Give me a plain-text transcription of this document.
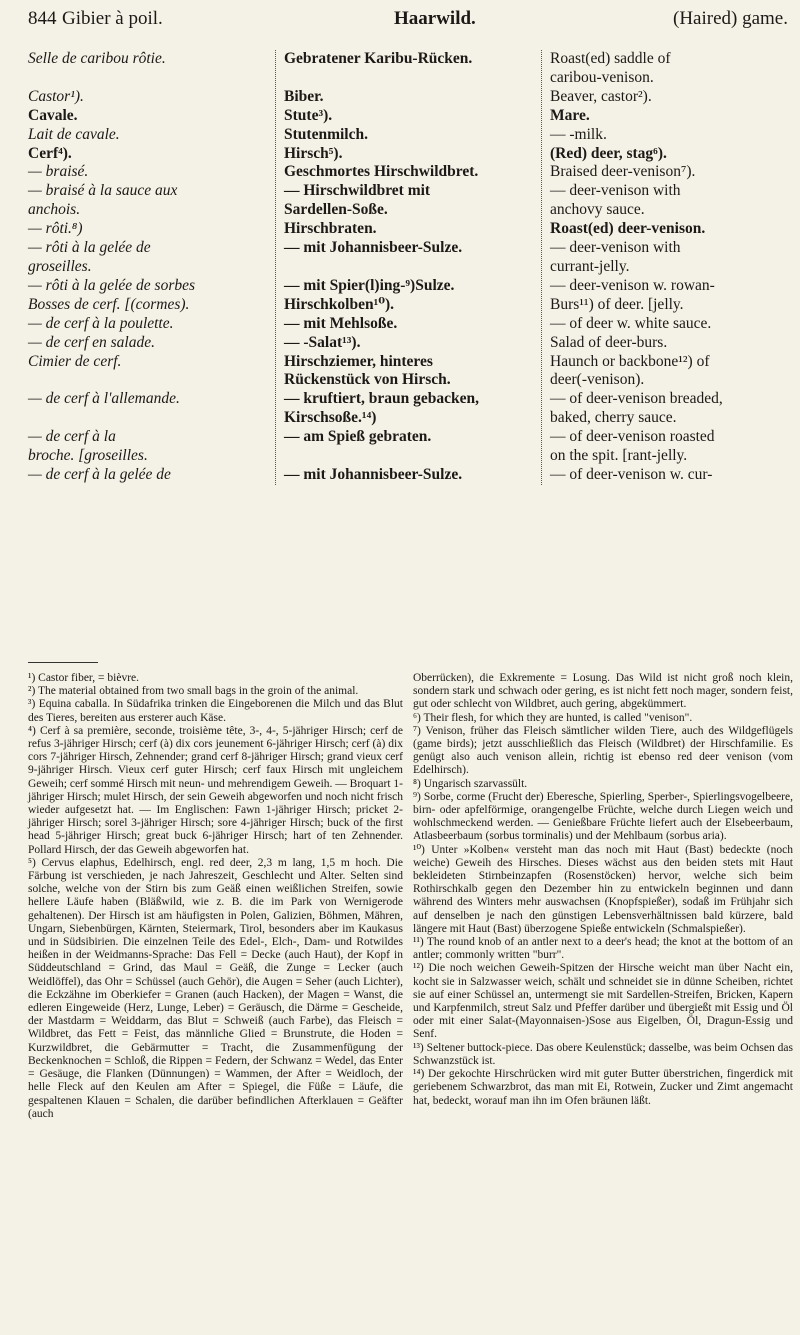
844 Gibier à poil.	Haarwild.	(Haired) game.
Selle de caribou rôtie.

Castor¹).
Cavale.
Lait de cavale.
Cerf⁴).
— braisé.
— braisé à la sauce aux
anchois.
— rôti.⁸)
— rôti à la gelée de
groseilles.
— rôti à la gelée de sorbes
Bosses de cerf. [(cormes).
— de cerf à la poulette.
— de cerf en salade.
Cimier de cerf.

— de cerf à l'allemande.

— de cerf à la
broche. [groseilles.
— de cerf à la gelée de
Gebratener Karibu-Rücken.

Biber.
Stute³).
Stutenmilch.
Hirsch⁵).
Geschmortes Hirschwildbret.
— Hirschwildbret mit
Sardellen-Soße.
Hirschbraten.
— mit Johannisbeer-Sulze.

— mit Spier(l)ing-⁹)Sulze.
Hirschkolben¹⁰).
— mit Mehlsoße.
— -Salat¹³).
Hirschziemer, hinteres
Rückenstück von Hirsch.
— kruftiert, braun gebacken,
Kirschsoße.¹⁴)
— am Spieß gebraten.

— mit Johannisbeer-Sulze.
Roast(ed) saddle of
caribou-venison.
Beaver, castor²).
Mare.
— -milk.
(Red) deer, stag⁶).
Braised deer-venison⁷).
— deer-venison with
anchovy sauce.
Roast(ed) deer-venison.
— deer-venison with
currant-jelly.
— deer-venison w. rowan-
Burs¹¹) of deer. [jelly.
— of deer w. white sauce.
Salad of deer-burs.
Haunch or backbone¹²) of
deer(-venison).
— of deer-venison breaded,
baked, cherry sauce.
— of deer-venison roasted
on the spit. [rant-jelly.
— of deer-venison w. cur-

¹) Castor fiber, = bièvre.

²) The material obtained from two small bags in the groin of the animal.

³) Equina caballa. In Südafrika trinken die Eingeborenen die Milch und das Blut des Tieres, bereiten aus ersterer auch Käse.

⁴) Cerf à sa première, seconde, troisième tête, 3-, 4-, 5-jähriger Hirsch; cerf de refus 3-jähriger Hirsch; cerf (à) dix cors jeunement 6-jähriger Hirsch; cerf (à) dix cors 7-jähriger Hirsch, Zehnender; grand cerf 8-jähriger Hirsch; grand vieux cerf 9-jähriger Hirsch. Vieux cerf guter Hirsch; cerf faux Hirsch mit ungleichem Geweih; cerf sommé Hirsch mit neun- und mehrendigem Geweih. — Broquart 1-jähriger Hirsch; mulet Hirsch, der sein Geweih abgeworfen und noch nicht frisch wieder aufgesetzt hat. — Im Englischen: Fawn 1-jähriger Hirsch; pricket 2-jähriger Hirsch; sorel 3-jähriger Hirsch; sore 4-jähriger Hirsch; buck of the first head 5-jähriger Hirsch; great buck 6-jähriger Hirsch; hart of ten Zehnender. Pollard Hirsch, der das Geweih abgeworfen hat.

⁵) Cervus elaphus, Edelhirsch, engl. red deer, 2,3 m lang, 1,5 m hoch. Die Färbung ist verschieden, je nach Jahreszeit, Geschlecht und Alter. Selten sind solche, welche von der Stirn bis zum Geäß einen weißlichen Streifen, sowie hellere Läufe haben (Bläßwild, wie z. B. die im Park von Wernigerode gehaltenen). Der Hirsch ist am häufigsten in Polen, Galizien, Böhmen, Mähren, Ungarn, Siebenbürgen, Kärnten, Steiermark, Tirol, besonders aber im Kaukasus und in Südsibirien. Die einzelnen Teile des Edel-, Elch-, Dam- und Rotwildes heißen in der Weidmanns-Sprache: Das Fell = Decke (auch Haut), der Kopf in Süddeutschland = Grind, das Maul = Geäß, die Zunge = Lecker (auch Weidlöffel), das Ohr = Schüssel (auch Gehör), die Augen = Seher (auch Lichter), die Eckzähne im Oberkiefer = Granen (auch Hacken), der Magen = Wanst, die edleren Eingeweide (Herz, Lunge, Leber) = Geräusch, die Därme = Gescheide, der Mastdarm = Weiddarm, das Blut = Schweiß (auch Farbe), das Fleisch = Wildbret, das Fett = Feist, das männliche Glied = Brunstrute, die Hoden = Kurzwildbret, die Gebärmutter = Tracht, die Zusammenfügung der Beckenknochen = Schloß, die Rippen = Federn, der Schwanz = Wedel, das Enter = Gesäuge, die Flanken (Dünnungen) = Wammen, der After = Weidloch, der helle Fleck auf den Keulen am After = Spiegel, die Füße = Läufe, die gespaltenen Klauen = Schalen, die darüber befindlichen Afterklauen = Geäfter (auch

Oberrücken), die Exkremente = Losung. Das Wild ist nicht groß noch klein, sondern stark und schwach oder gering, es ist nicht fett noch mager, sondern feist, gut oder schlecht von Wildbret, auch gering, abgekümmert.

⁶) Their flesh, for which they are hunted, is called "venison".

⁷) Venison, früher das Fleisch sämtlicher wilden Tiere, auch des Wildgeflügels (game birds); jetzt ausschließlich das Fleisch (Wildbret) der Hirschfamilie. Es genügt also auch venison allein, richtig ist ebenso red deer venison (vom Edelhirsch).

⁸) Ungarisch szarvassült.

⁹) Sorbe, corme (Frucht der) Eberesche, Spierling, Sperber-, Spierlingsvogelbeere, birn- oder apfelförmige, orangengelbe Früchte, welche durch Liegen weich und wohlschmeckend werden. — Genießbare Früchte liefert auch der Elsebeerbaum, Atlasbeerbaum (sorbus torminalis) und der Mehlbaum (sorbus aria).

¹⁰) Unter »Kolben« versteht man das noch mit Haut (Bast) bedeckte (noch weiche) Geweih des Hirsches. Dieses wächst aus den beiden stets mit Haut bekleideten Stirnbeinzapfen (Rosenstöcken) hervor, welche sich beim Rothirschkalb gegen den Dezember hin zu entwickeln beginnen und dann während des Winters mehr auswachsen (Knopfspießer), sodaß im Frühjahr sich auf denselben je nach den günstigen Lebensverhältnissen bald kürzere, bald längere mit Haut (Bast) überzogene Spieße entwickeln (Schmalspießer).

¹¹) The round knob of an antler next to a deer's head; the knot at the bottom of an antler; commonly written "burr".

¹²) Die noch weichen Geweih-Spitzen der Hirsche weicht man über Nacht ein, kocht sie in Salzwasser weich, schält und schneidet sie in dünne Scheiben, richtet sie auf einer Schüssel an, untermengt sie mit Sardellen-Streifen, Bricken, Kapern und Karpfenmilch, streut Salz und Pfeffer darüber und übergießt mit Essig und Öl oder mit einer Salat-(Mayonnaisen-)Sose aus Eigelben, Öl, Dragun-Essig und Senf.

¹³) Seltener buttock-piece. Das obere Keulenstück; dasselbe, was beim Ochsen das Schwanzstück ist.

¹⁴) Der gekochte Hirschrücken wird mit guter Butter überstrichen, fingerdick mit geriebenem Schwarzbrot, das man mit Ei, Rotwein, Zucker und Zimt angemacht hat, bedeckt, worauf man ihn im Ofen bräunen läßt.
